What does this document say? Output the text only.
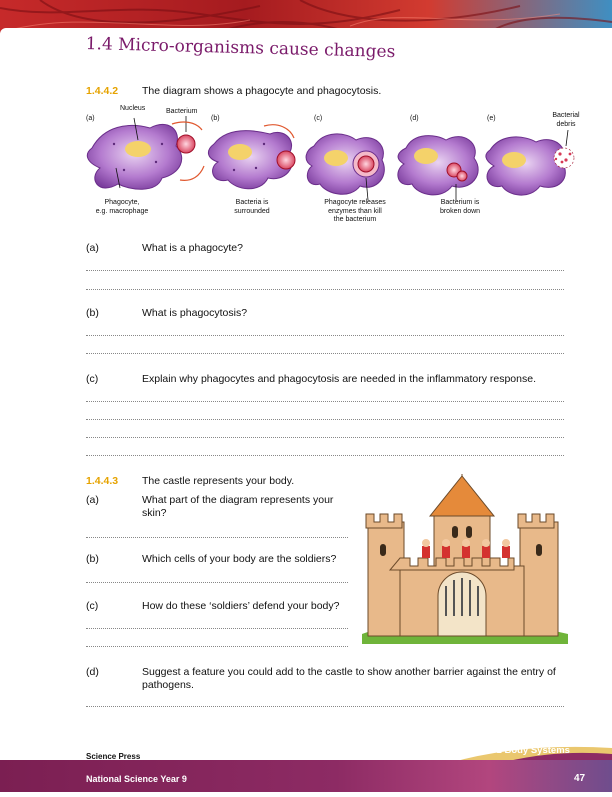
1.4 Micro-organisms cause changes
1.4.4.2 The diagram shows a phagocyte and phagocytosis.
(a)	(b)	(c)	(d)	(e)
Nucleus	Bacterium
Bacterial
debris
Phagocyte,
e.g. macrophage
Bacteria is
surrounded
Phagocyte releases
enzymes than kill
the bacterium
Bacterium is
broken down
(a)	What is a phagocyte?
(b)	What is phagocytosis?
(c)	Explain why phagocytes and phagocytosis are needed in the inflammatory response.
1.4.4.3 The castle represents your body.
(a)	What part of the diagram represents your
skin?
(b)	Which cells of your body are the soldiers?
(c)	How do these ‘soldiers’ defend your body?
(d)	Suggest a feature you could add to the castle to show another barrier against the entry of
pathogens.
Science Press
National Science Year 9
Chapter 1 Body Systems
47
